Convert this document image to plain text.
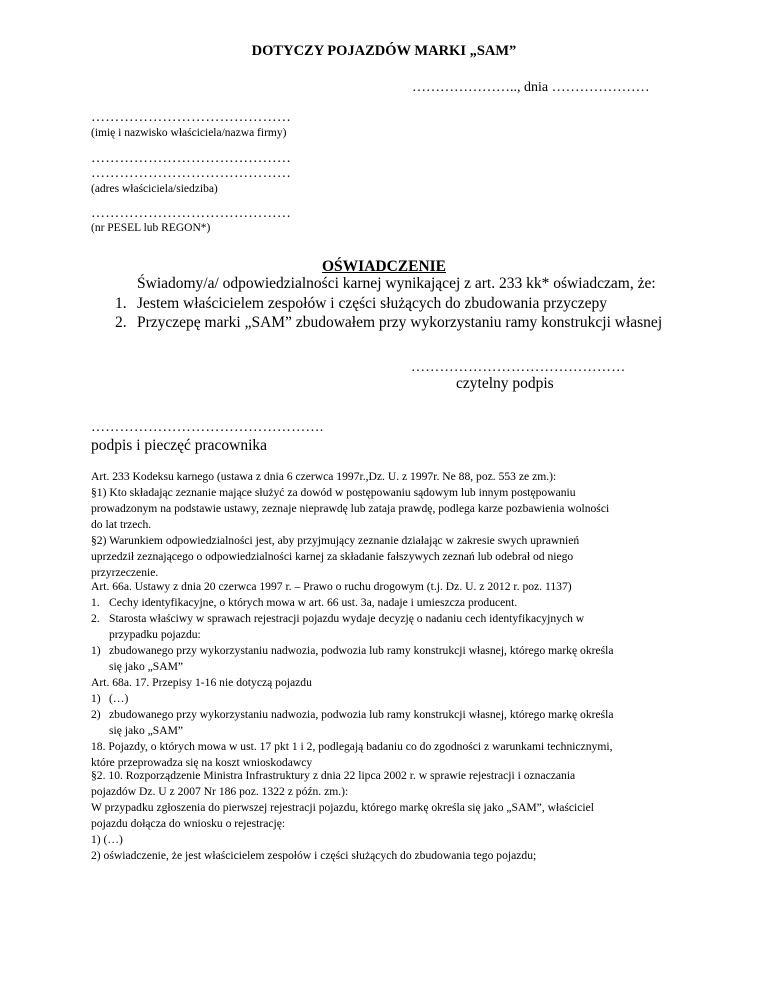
DOTYCZY POJAZDÓW MARKI „SAM”
………………….., dnia …………………
……………………………………
(imię i nazwisko właściciela/nazwa firmy)
……………………………………
……………………………………
(adres właściciela/siedziba)
……………………………………
(nr PESEL lub REGON*)
OŚWIADCZENIE
Świadomy/a/ odpowiedzialności karnej wynikającej z art. 233 kk* oświadczam, że:
1. Jestem właścicielem zespołów i części służących do zbudowania przyczepy
2. Przyczepę marki „SAM” zbudowałem przy wykorzystaniu ramy konstrukcji własnej
………………………………………
czytelny podpis
………………………………………….
podpis i pieczęć pracownika
Art. 233 Kodeksu karnego (ustawa z dnia 6 czerwca 1997r.,Dz. U. z 1997r. Ne 88, poz. 553 ze zm.):
§1) Kto składając zeznanie mające służyć za dowód w postępowaniu sądowym lub innym postępowaniu
prowadzonym na podstawie ustawy, zeznaje nieprawdę lub zataja prawdę, podlega karze pozbawienia wolności
do lat trzech.
§2) Warunkiem odpowiedzialności jest, aby przyjmujący zeznanie działając w zakresie swych uprawnień
uprzedził zeznającego o odpowiedzialności karnej za składanie fałszywych zeznań lub odebrał od niego
przyrzeczenie.
Art. 66a. Ustawy z dnia 20 czerwca 1997 r. – Prawo o ruchu drogowym (t.j. Dz. U. z 2012 r. poz. 1137)
1. Cechy identyfikacyjne, o których mowa w art. 66 ust. 3a, nadaje i umieszcza producent.
2. Starosta właściwy w sprawach rejestracji pojazdu wydaje decyzję o nadaniu cech identyfikacyjnych w
przypadku pojazdu:
1) zbudowanego przy wykorzystaniu nadwozia, podwozia lub ramy konstrukcji własnej, którego markę określa
się jako „SAM”
Art. 68a. 17. Przepisy 1-16 nie dotyczą pojazdu
1) (…)
2) zbudowanego przy wykorzystaniu nadwozia, podwozia lub ramy konstrukcji własnej, którego markę określa
się jako „SAM”
18. Pojazdy, o których mowa w ust. 17 pkt 1 i 2, podlegają badaniu co do zgodności z warunkami technicznymi,
które przeprowadza się na koszt wnioskodawcy
§2. 10. Rozporządzenie Ministra Infrastruktury z dnia 22 lipca 2002 r. w sprawie rejestracji i oznaczania
pojazdów Dz. U z 2007 Nr 186 poz. 1322 z późn. zm.):
W przypadku zgłoszenia do pierwszej rejestracji pojazdu, którego markę określa się jako „SAM”, właściciel
pojazdu dołącza do wniosku o rejestrację:
1) (…)
2) oświadczenie, że jest właścicielem zespołów i części służących do zbudowania tego pojazdu;
